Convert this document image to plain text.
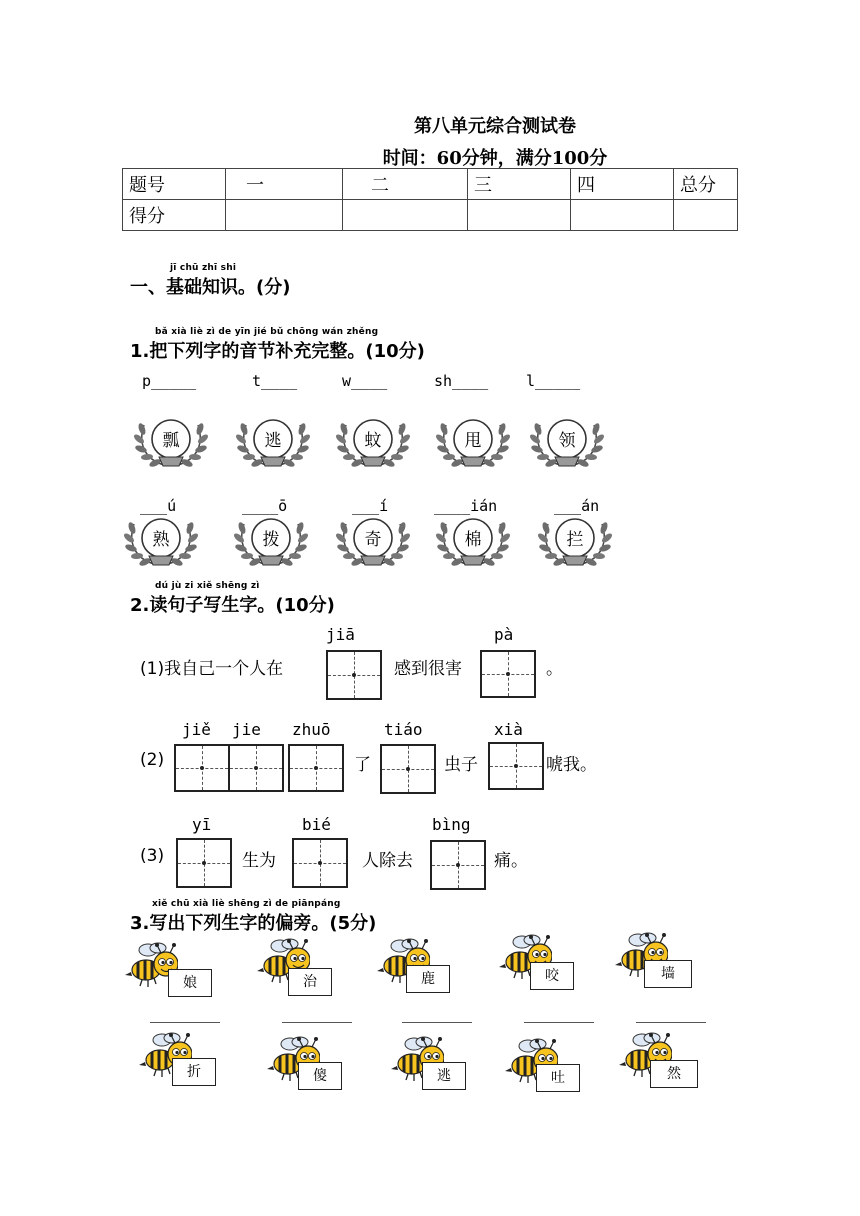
第八单元综合测试卷
时间：60分钟，满分100分
题号	一	二	三	四	总分
得分					
jī chū zhī shi
一、基础知识。(分)
bǎ xià liè zì de yīn jié bǔ chōng wán zhěng
1.把下列字的音节补充完整。(10分)
p_____	t____	w____	sh____	l_____
瓢	逃	蚊	甩	领
___ú	____ō	___í	____ián	___án
熟	拨	奇	棉	拦
dú jù zi xiě shēng zì
2.读句子写生字。(10分)
jiā	pà
(1)我自己一个人在	感到很害	。
jiě jie zhuō	tiáo	xià
(2)	了	虫子	唬我。
yī	bié	bìng
(3)	生为	人除去	痛。
xiě chū xià liè shēng zì de piānpáng
3.写出下列生字的偏旁。(5分)
娘	治	鹿	咬	墙
折	傻	逃	吐	然
